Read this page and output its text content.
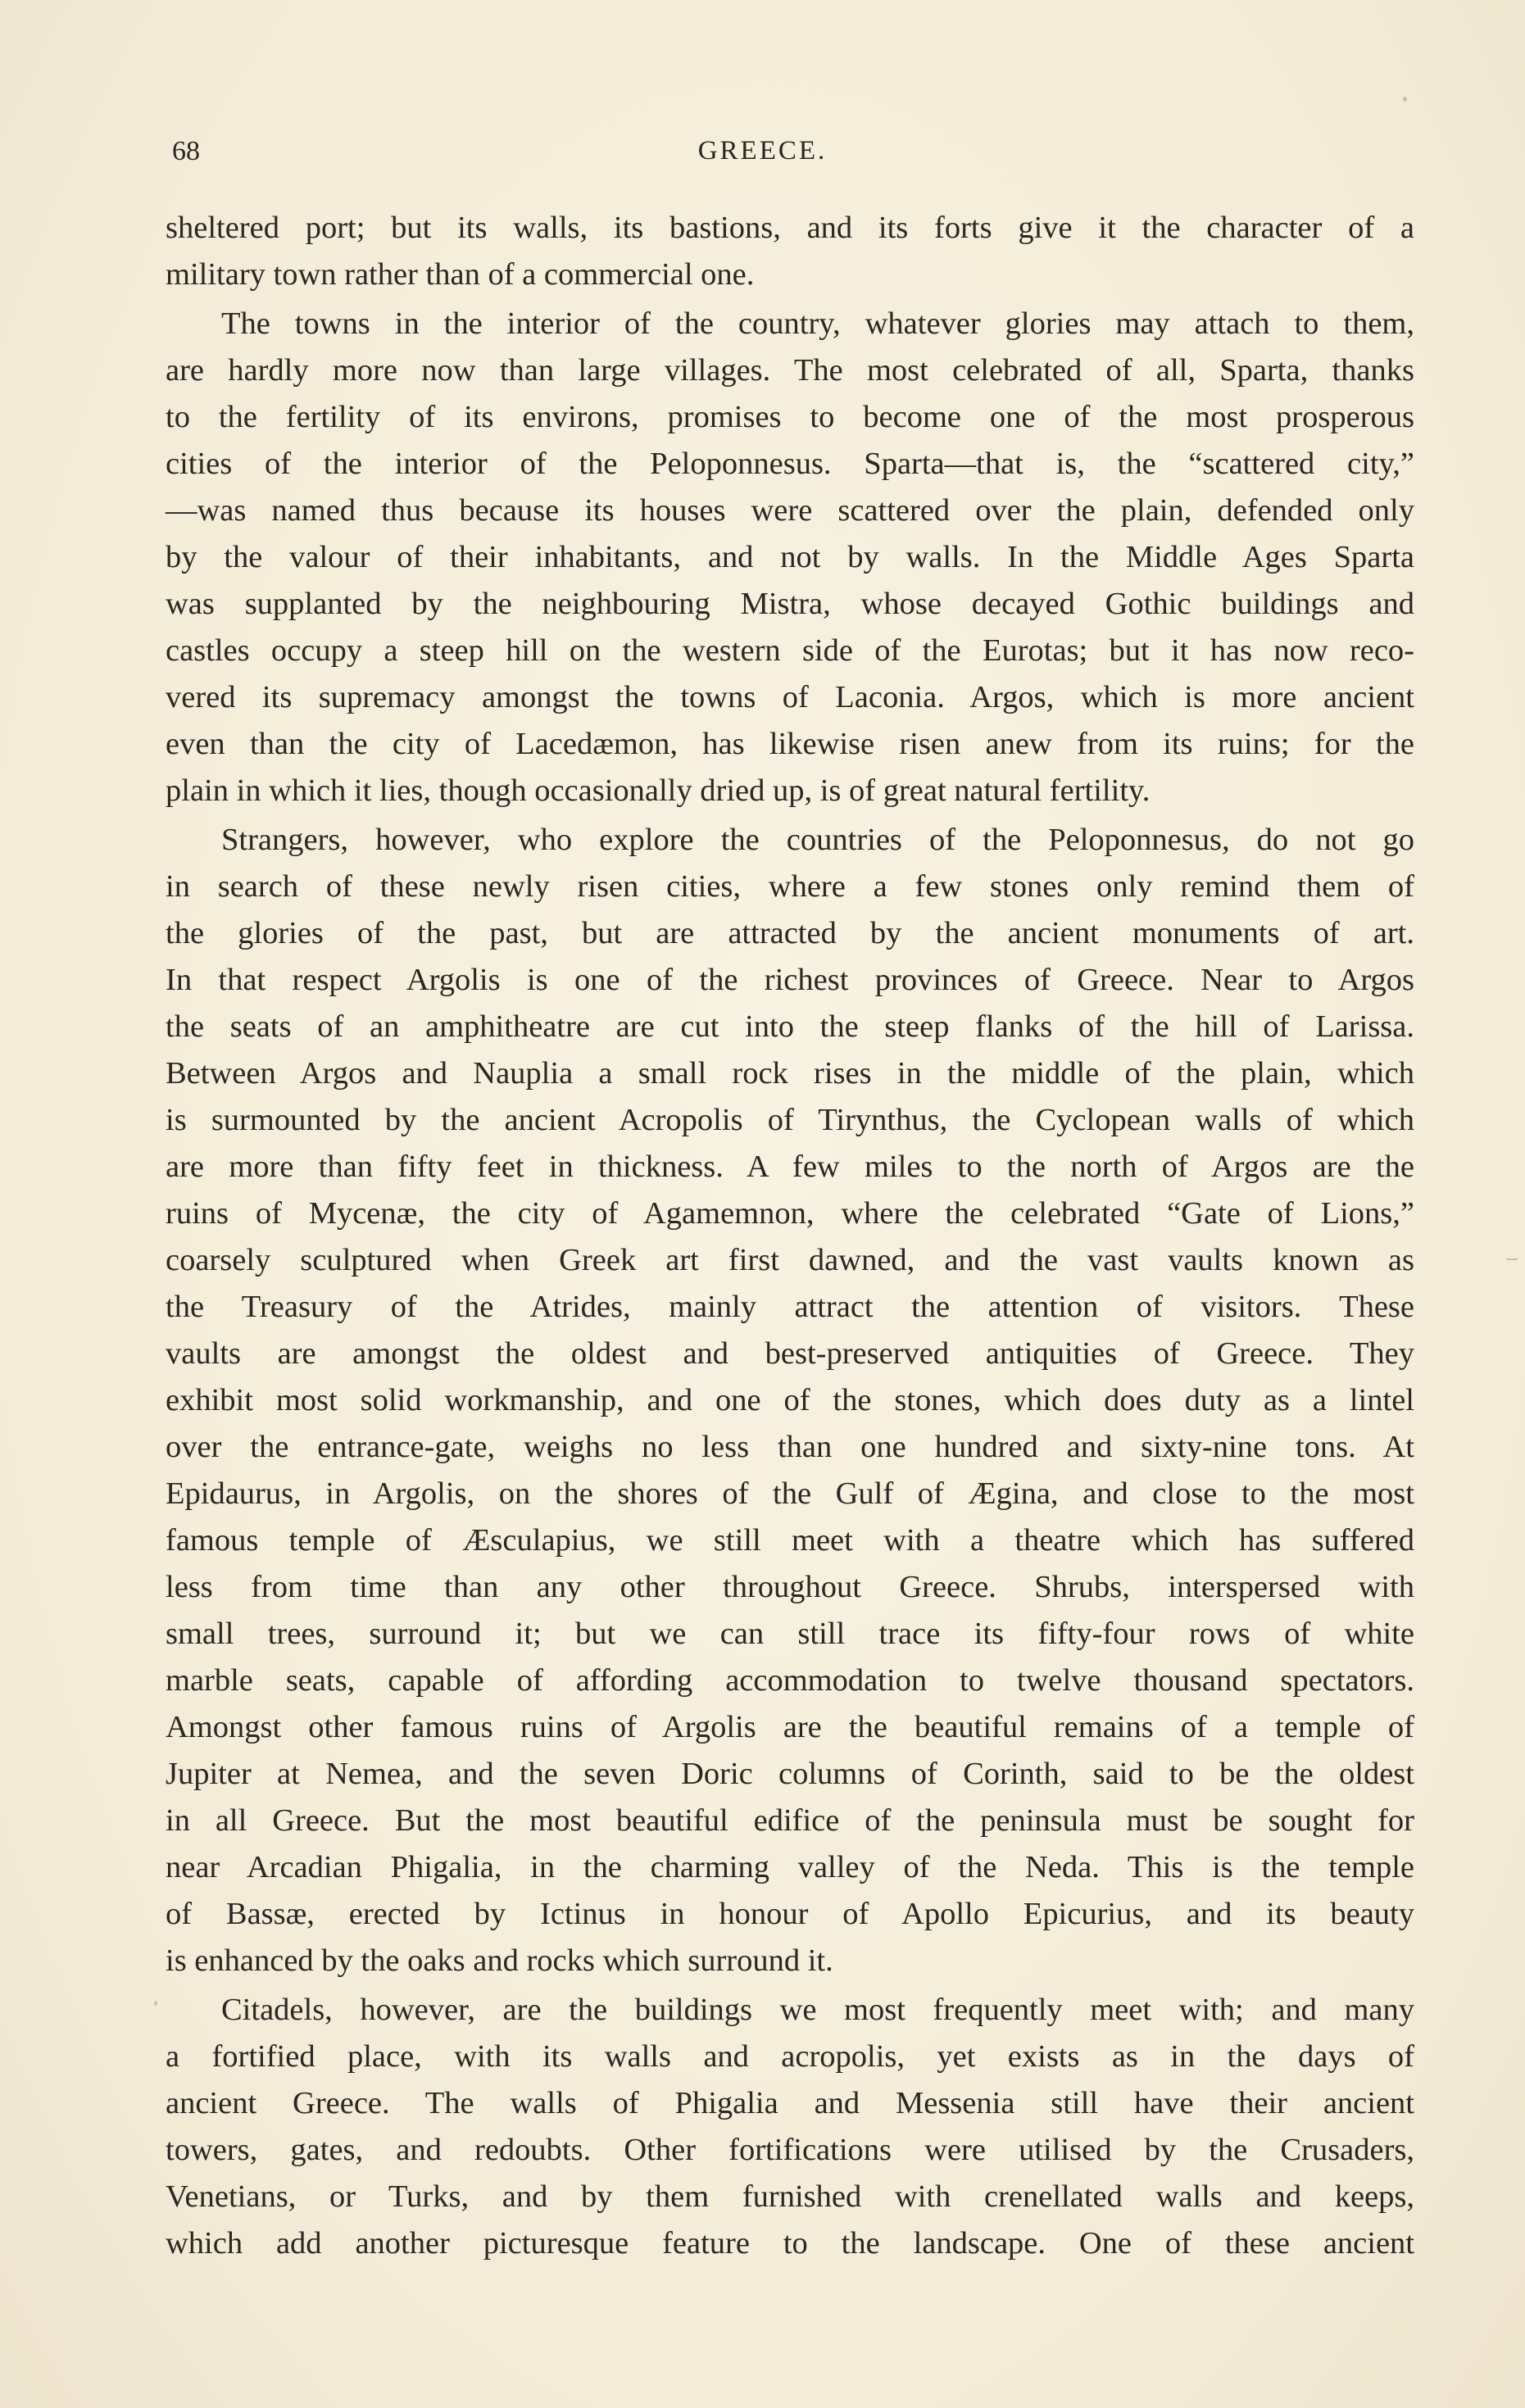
68	GREECE.
sheltered port; but its walls, its bastions, and its forts give it the character of a
military town rather than of a commercial one.
The towns in the interior of the country, whatever glories may attach to them,
are hardly more now than large villages. The most celebrated of all, Sparta, thanks
to the fertility of its environs, promises to become one of the most prosperous
cities of the interior of the Peloponnesus. Sparta—that is, the “scattered city,”
—was named thus because its houses were scattered over the plain, defended only
by the valour of their inhabitants, and not by walls. In the Middle Ages Sparta
was supplanted by the neighbouring Mistra, whose decayed Gothic buildings and
castles occupy a steep hill on the western side of the Eurotas; but it has now reco-
vered its supremacy amongst the towns of Laconia. Argos, which is more ancient
even than the city of Lacedæmon, has likewise risen anew from its ruins; for the
plain in which it lies, though occasionally dried up, is of great natural fertility.
Strangers, however, who explore the countries of the Peloponnesus, do not go
in search of these newly risen cities, where a few stones only remind them of
the glories of the past, but are attracted by the ancient monuments of art.
In that respect Argolis is one of the richest provinces of Greece. Near to Argos
the seats of an amphitheatre are cut into the steep flanks of the hill of Larissa.
Between Argos and Nauplia a small rock rises in the middle of the plain, which
is surmounted by the ancient Acropolis of Tirynthus, the Cyclopean walls of which
are more than fifty feet in thickness. A few miles to the north of Argos are the
ruins of Mycenæ, the city of Agamemnon, where the celebrated “Gate of Lions,”
coarsely sculptured when Greek art first dawned, and the vast vaults known as
the Treasury of the Atrides, mainly attract the attention of visitors. These
vaults are amongst the oldest and best-preserved antiquities of Greece. They
exhibit most solid workmanship, and one of the stones, which does duty as a lintel
over the entrance-gate, weighs no less than one hundred and sixty-nine tons. At
Epidaurus, in Argolis, on the shores of the Gulf of Ægina, and close to the most
famous temple of Æsculapius, we still meet with a theatre which has suffered
less from time than any other throughout Greece. Shrubs, interspersed with
small trees, surround it; but we can still trace its fifty-four rows of white
marble seats, capable of affording accommodation to twelve thousand spectators.
Amongst other famous ruins of Argolis are the beautiful remains of a temple of
Jupiter at Nemea, and the seven Doric columns of Corinth, said to be the oldest
in all Greece. But the most beautiful edifice of the peninsula must be sought for
near Arcadian Phigalia, in the charming valley of the Neda. This is the temple
of Bassæ, erected by Ictinus in honour of Apollo Epicurius, and its beauty
is enhanced by the oaks and rocks which surround it.
Citadels, however, are the buildings we most frequently meet with; and many
a fortified place, with its walls and acropolis, yet exists as in the days of
ancient Greece. The walls of Phigalia and Messenia still have their ancient
towers, gates, and redoubts. Other fortifications were utilised by the Crusaders,
Venetians, or Turks, and by them furnished with crenellated walls and keeps,
which add another picturesque feature to the landscape. One of these ancient
